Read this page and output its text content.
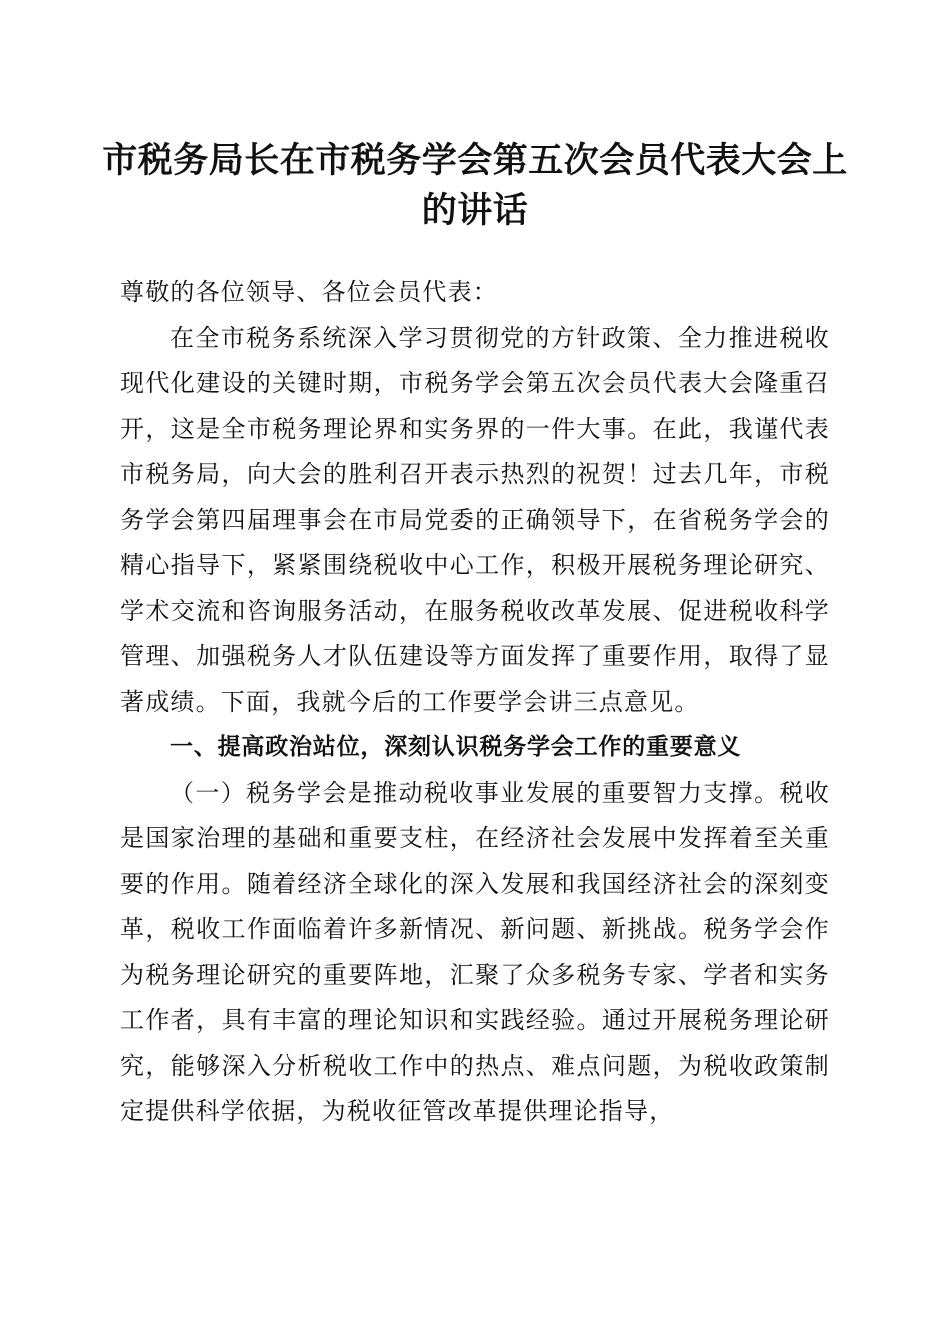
市税务局长在市税务学会第五次会员代表大会上的讲话

尊敬的各位领导、各位会员代表：

在全市税务系统深入学习贯彻党的方针政策、全力推进税收现代化建设的关键时期，市税务学会第五次会员代表大会隆重召开，这是全市税务理论界和实务界的一件大事。在此，我谨代表市税务局，向大会的胜利召开表示热烈的祝贺！过去几年，市税务学会第四届理事会在市局党委的正确领导下，在省税务学会的精心指导下，紧紧围绕税收中心工作，积极开展税务理论研究、学术交流和咨询服务活动，在服务税收改革发展、促进税收科学管理、加强税务人才队伍建设等方面发挥了重要作用，取得了显著成绩。下面，我就今后的工作要学会讲三点意见。

一、提高政治站位，深刻认识税务学会工作的重要意义

（一）税务学会是推动税收事业发展的重要智力支撑。税收是国家治理的基础和重要支柱，在经济社会发展中发挥着至关重要的作用。随着经济全球化的深入发展和我国经济社会的深刻变革，税收工作面临着许多新情况、新问题、新挑战。税务学会作为税务理论研究的重要阵地，汇聚了众多税务专家、学者和实务工作者，具有丰富的理论知识和实践经验。通过开展税务理论研究，能够深入分析税收工作中的热点、难点问题，为税收政策制定提供科学依据，为税收征管改革提供理论指导，
